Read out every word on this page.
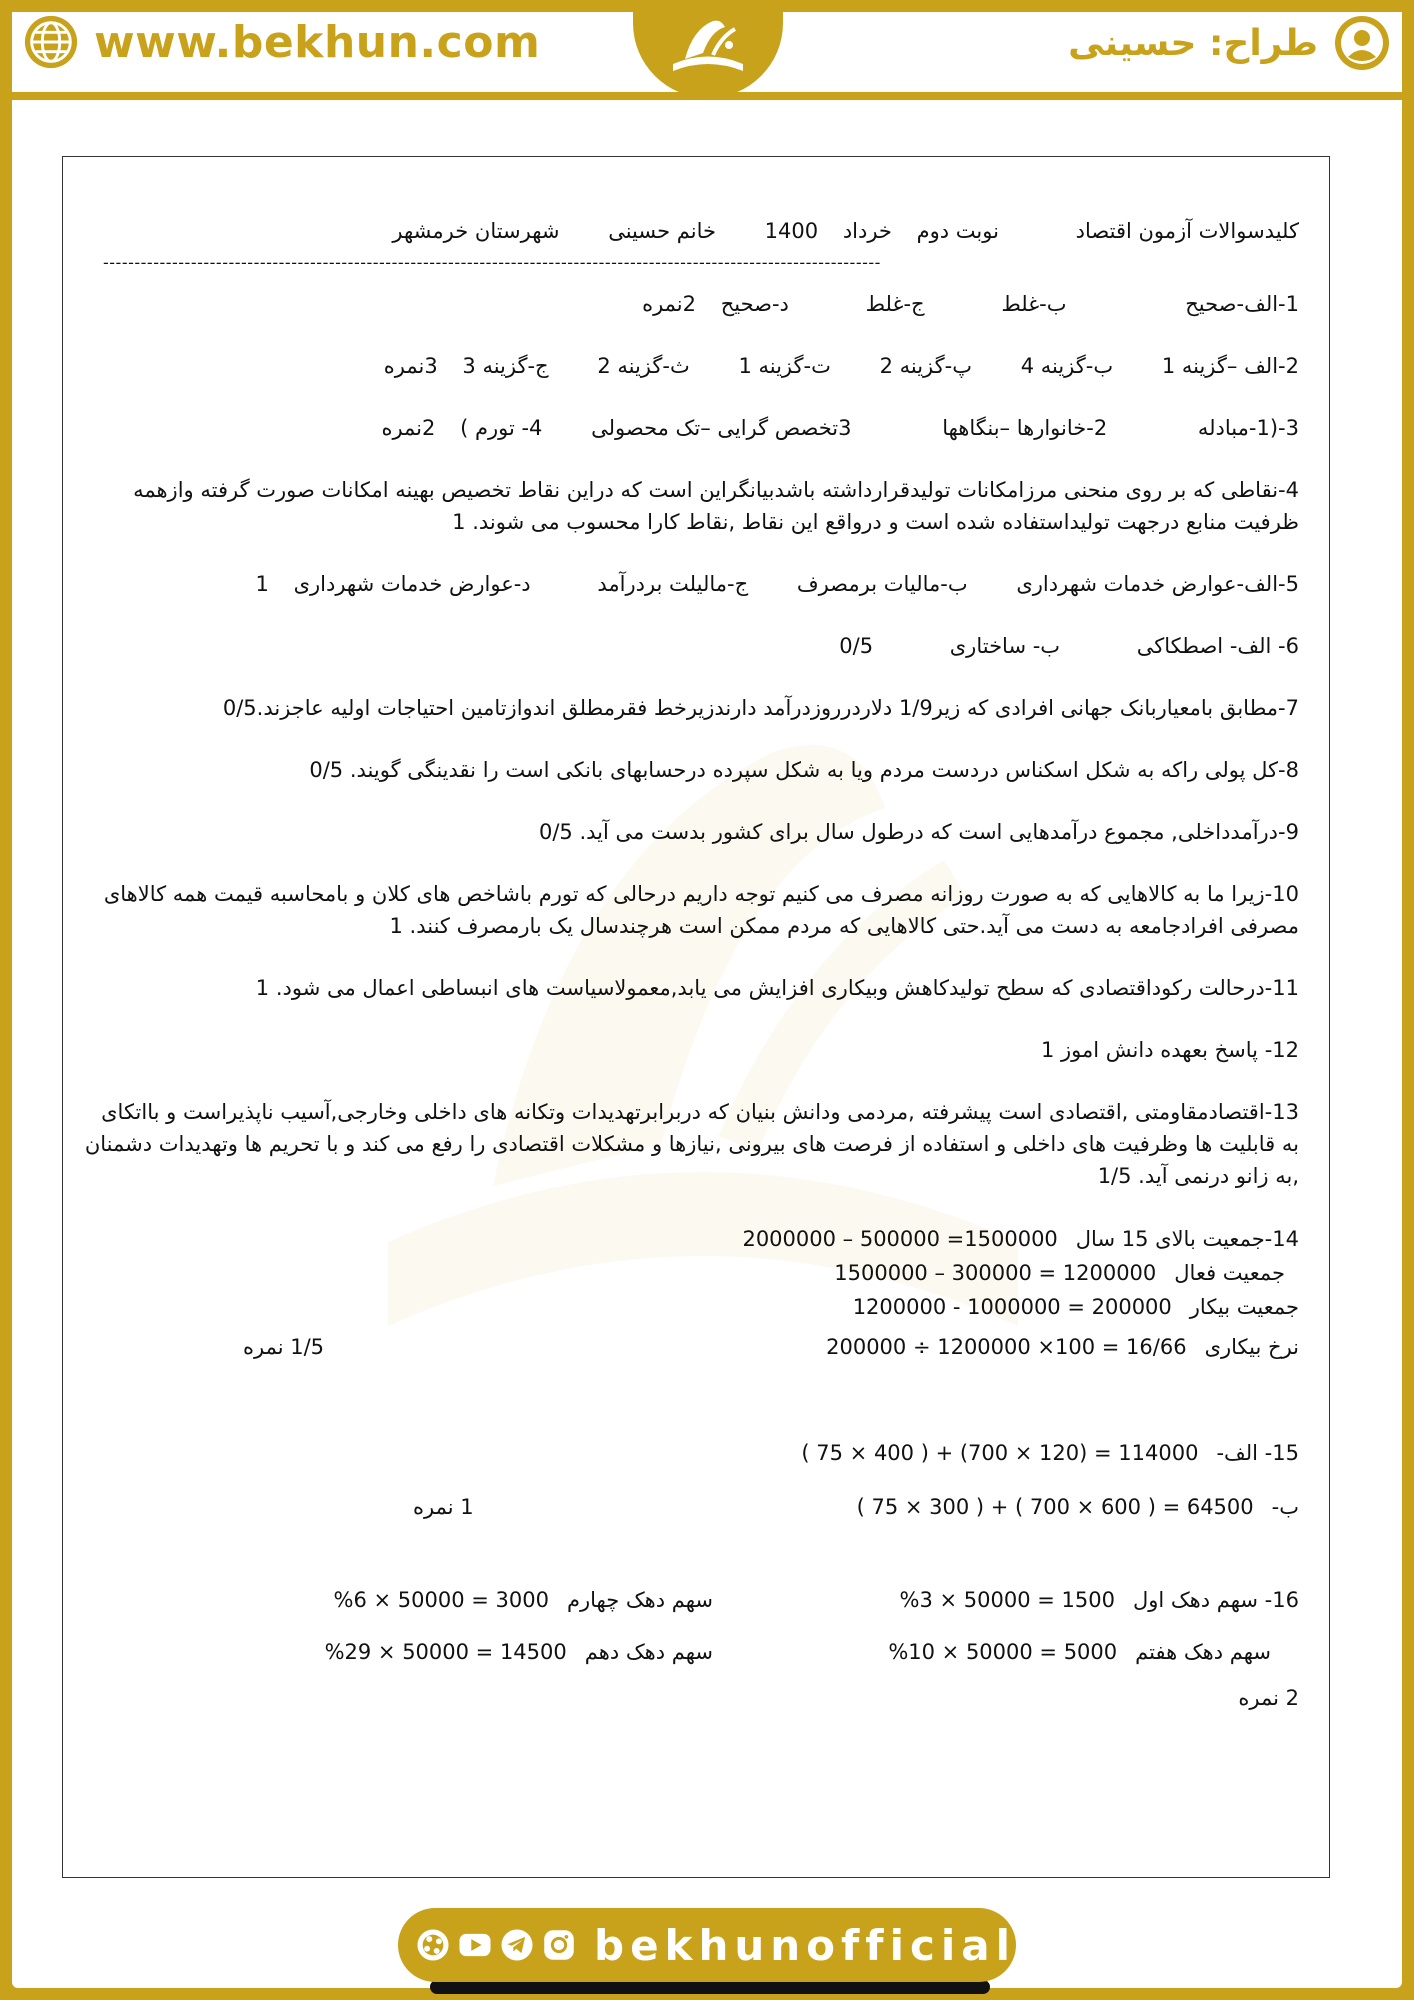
www.bekhun.com	طراح: حسینی
کلیدسوالات آزمون اقتصاد نوبت دوم خرداد 1400 خانم حسینی شهرستان خرمشهر
----------------------------------------------------------------------------------------------------------------------------
1-الف-صحیح ب-غلط ج-غلط د-صحیح 2نمره
2-الف –گزینه 1 ب-گزینه 4 پ-گزینه 2 ت-گزینه 1 ث-گزینه 2 ج-گزینه 3 3نمره
3-(1-مبادله 2-خانوارها –بنگاهها 3تخصص گرایی –تک محصولی 4- تورم ) 2نمره
4-نقاطی که بر روی منحنی مرزامکانات تولیدقرارداشته باشدبیانگراین است که دراین نقاط تخصیص بهینه امکانات صورت گرفته وازهمه ظرفیت منابع درجهت تولیداستفاده شده است و درواقع این نقاط ,نقاط کارا محسوب می شوند. 1
5-الف-عوارض خدمات شهرداری ب-مالیات برمصرف ج-مالیلت بردرآمد د-عوارض خدمات شهرداری 1
6- الف- اصطکاکی ب- ساختاری 0/5
7-مطابق بامعیاربانک جهانی افرادی که زیر1/9 دلاردرروزدرآمد دارندزیرخط فقرمطلق اندوازتامین احتیاجات اولیه عاجزند.0/5
8-کل پولی راکه به شکل اسکناس دردست مردم ویا به شکل سپرده درحسابهای بانکی است را نقدینگی گویند. 0/5
9-درآمدداخلی, مجموع درآمدهایی است که درطول سال برای کشور بدست می آید. 0/5
10-زیرا ما به کالاهایی که به صورت روزانه مصرف می کنیم توجه داریم درحالی که تورم باشاخص های کلان و بامحاسبه قیمت همه کالاهای مصرفی افرادجامعه به دست می آید.حتی کالاهایی که مردم ممکن است هرچندسال یک بارمصرف کنند. 1
11-درحالت رکوداقتصادی که سطح تولیدکاهش وبیکاری افزایش می یابد,معمولاسیاست های انبساطی اعمال می شود. 1
12- پاسخ بعهده دانش اموز 1
13-اقتصادمقاومتی ,اقتصادی است پیشرفته ,مردمی ودانش بنیان که دربرابرتهدیدات وتکانه های داخلی وخارجی,آسیب ناپذیراست و بااتکای به قابلیت ها وظرفیت های داخلی و استفاده از فرصت های بیرونی ,نیازها و مشکلات اقتصادی را رفع می کند و با تحریم ها وتهدیدات دشمنان ,به زانو درنمی آید. 1/5
14-جمعیت بالای 15 سال2000000 – 500000 =1500000
جمعیت فعال1500000 – 300000 = 1200000
جمعیت بیکار1200000 - 1000000 = 200000
نرخ بیکاری200000 ÷ 1200000 ×100 = 16/66
1/5 نمره
15- الف-( 75 × 400 ) + (700 × 120) = 114000
ب-( 75 × 300 ) + ( 700 × 600 ) = 64500
1 نمره
16- سهم دهک اول%3 × 50000 = 1500
سهم دهک چهارم%6 × 50000 = 3000
سهم دهک هفتم%10 × 50000 = 5000
سهم دهک دهم%29 × 50000 = 14500
2 نمره
bekhunofficial
